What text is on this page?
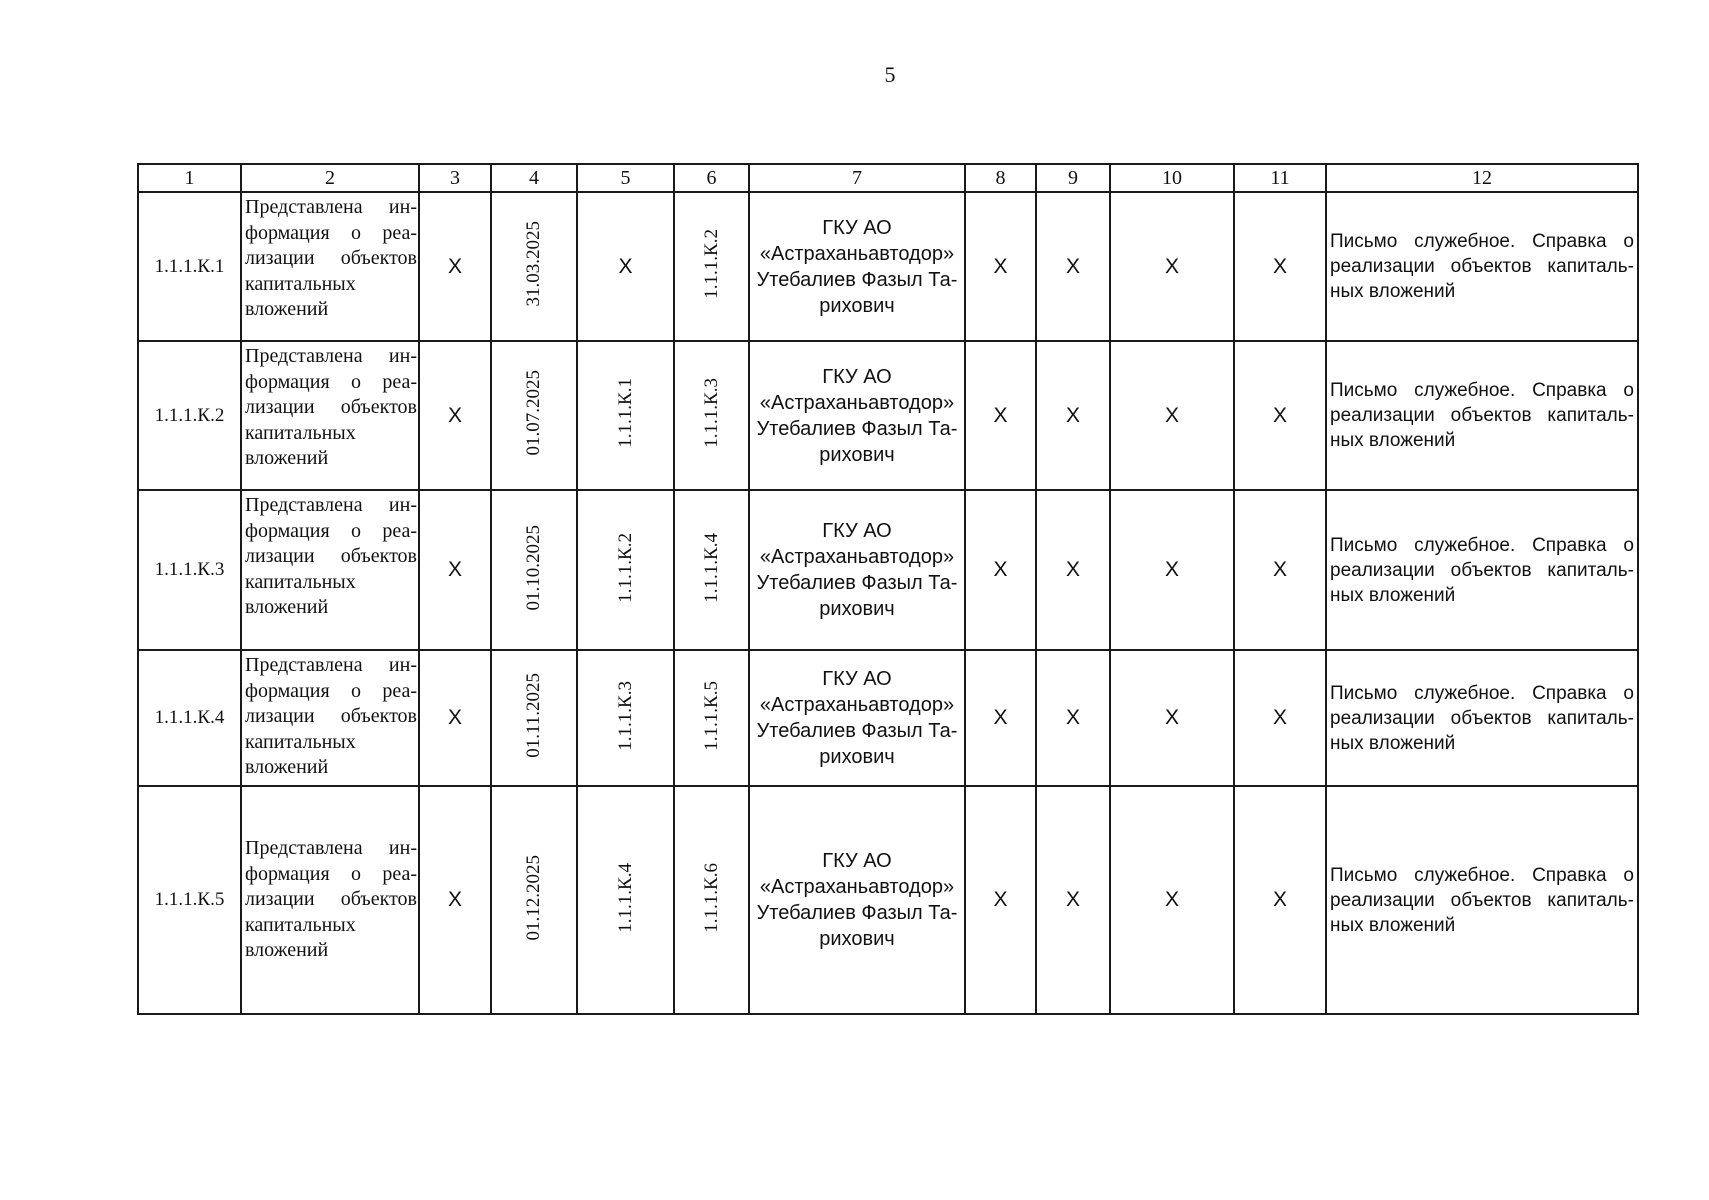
5
1	2	3	4	5	6	7	8	9	10	11	12
1.1.1.К.1	Представлена информация о реализации объектов капитальных вложений	X	31.03.2025	X	1.1.1.К.2	ГКУ АО «Астраханьавтодор» Утебалиев Фазыл Тарихович	X	X	X	X	Письмо служебное. Справка о реализации объектов капитальных вложений
1.1.1.К.2	Представлена информация о реализации объектов капитальных вложений	X	01.07.2025	1.1.1.К.1	1.1.1.К.3	ГКУ АО «Астраханьавтодор» Утебалиев Фазыл Тарихович	X	X	X	X	Письмо служебное. Справка о реализации объектов капитальных вложений
1.1.1.К.3	Представлена информация о реализации объектов капитальных вложений	X	01.10.2025	1.1.1.К.2	1.1.1.К.4	ГКУ АО «Астраханьавтодор» Утебалиев Фазыл Тарихович	X	X	X	X	Письмо служебное. Справка о реализации объектов капитальных вложений
1.1.1.К.4	Представлена информация о реализации объектов капитальных вложений	X	01.11.2025	1.1.1.К.3	1.1.1.К.5	ГКУ АО «Астраханьавтодор» Утебалиев Фазыл Тарихович	X	X	X	X	Письмо служебное. Справка о реализации объектов капитальных вложений
1.1.1.К.5	Представлена информация о реализации объектов капитальных вложений	X	01.12.2025	1.1.1.К.4	1.1.1.К.6	ГКУ АО «Астраханьавтодор» Утебалиев Фазыл Тарихович	X	X	X	X	Письмо служебное. Справка о реализации объектов капитальных вложений
